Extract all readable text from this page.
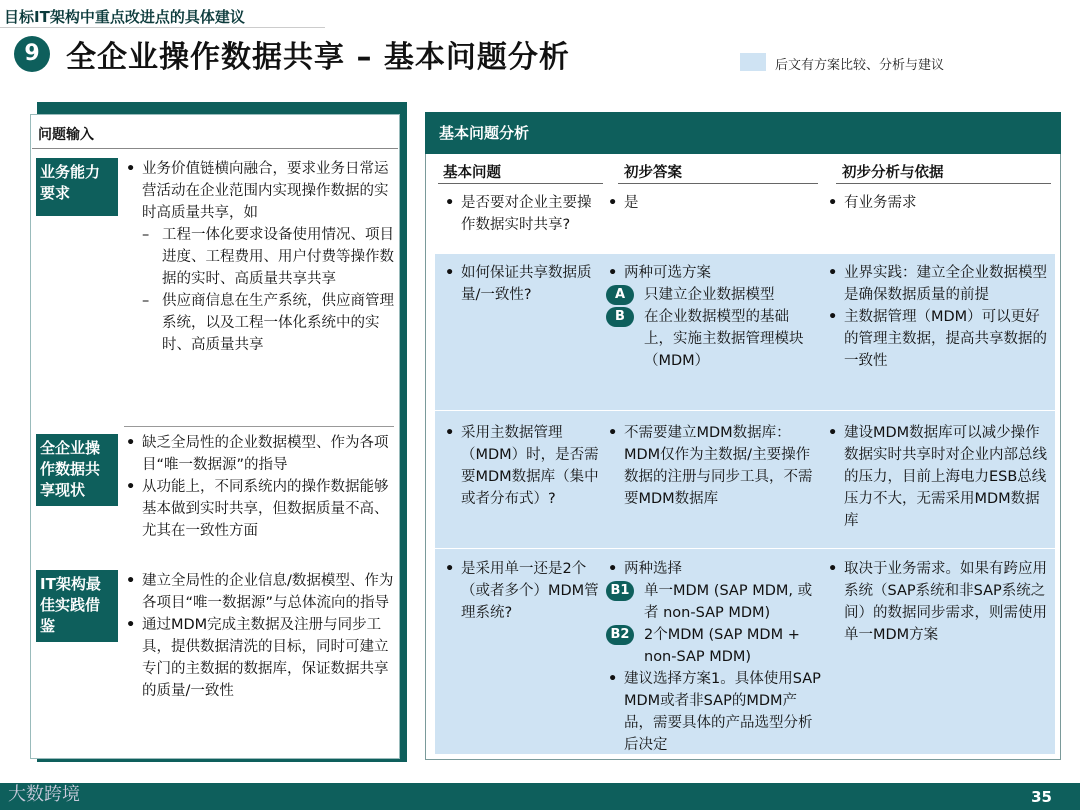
目标IT架构中重点改进点的具体建议
9 全企业操作数据共享 – 基本问题分析	后文有方案比较、分析与建议
问题输入
业务能力要求
• 业务价值链横向融合，要求业务日常运营活动在企业范围内实现操作数据的实时高质量共享，如
– 工程一体化要求设备使用情况、项目进度、工程费用、用户付费等操作数据的实时、高质量共享共享
– 供应商信息在生产系统，供应商管理系统，以及工程一体化系统中的实时、高质量共享
全企业操作数据共享现状
• 缺乏全局性的企业数据模型、作为各项目“唯一数据源”的指导
• 从功能上，不同系统内的操作数据能够基本做到实时共享，但数据质量不高、尤其在一致性方面
IT架构最佳实践借鉴
• 建立全局性的企业信息/数据模型、作为各项目“唯一数据源”与总体流向的指导
• 通过MDM完成主数据及注册与同步工具，提供数据清洗的目标，同时可建立专门的主数据的数据库，保证数据共享的质量/一致性
基本问题分析
基本问题	初步答案	初步分析与依据
• 是否要对企业主要操作数据实时共享?
• 是
•	有业务需求
• 如何保证共享数据质量/一致性?
• 两种可选方案
A	只建立企业数据模型
B	在企业数据模型的基础上，实施主数据管理模块（MDM）
• 业界实践：建立全企业数据模型是确保数据质量的前提
• 主数据管理（MDM）可以更好的管理主数据，提高共享数据的一致性
• 采用主数据管理（MDM）时，是否需要MDM数据库（集中或者分布式）?
• 不需要建立MDM数据库：MDM仅作为主数据/主要操作数据的注册与同步工具，不需要MDM数据库
• 建设MDM数据库可以减少操作数据实时共享时对企业内部总线的压力，目前上海电力ESB总线压力不大，无需采用MDM数据库
• 是采用单一还是2个（或者多个）MDM管理系统?
• 两种选择
B1	单一MDM (SAP MDM, 或者 non-SAP MDM)
B2	2个MDM (SAP MDM + non-SAP MDM)
• 建议选择方案1。具体使用SAP MDM或者非SAP的MDM产品，需要具体的产品选型分析后决定
• 取决于业务需求。如果有跨应用系统（SAP系统和非SAP系统之间）的数据同步需求，则需使用单一MDM方案
大数跨境	35
